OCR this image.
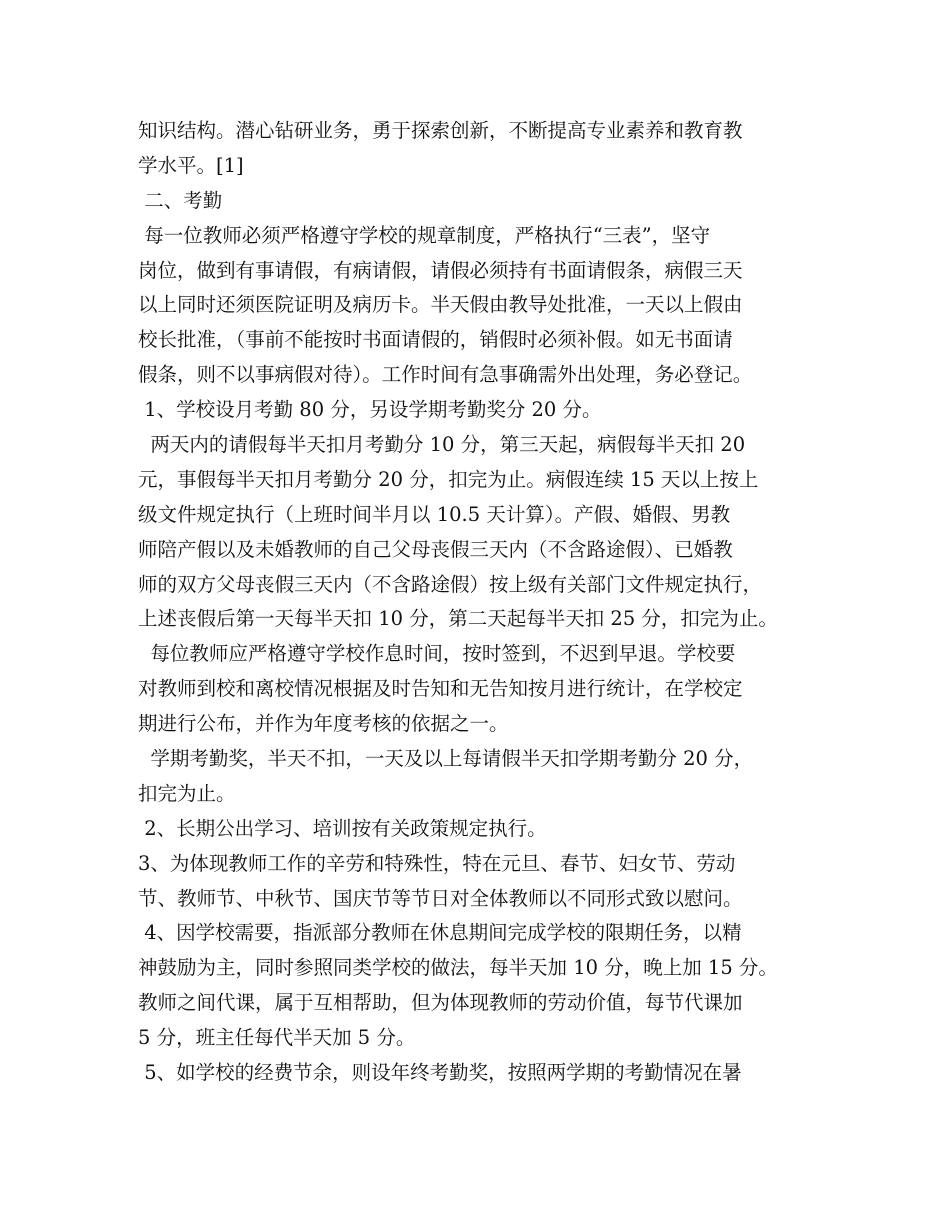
知识结构。潜心钻研业务，勇于探索创新，不断提高专业素养和教育教
学水平。[1]
二、考勤
每一位教师必须严格遵守学校的规章制度，严格执行“三表”，坚守
岗位，做到有事请假，有病请假，请假必须持有书面请假条，病假三天
以上同时还须医院证明及病历卡。半天假由教导处批准，一天以上假由
校长批准，（事前不能按时书面请假的，销假时必须补假。如无书面请
假条，则不以事病假对待）。工作时间有急事确需外出处理，务必登记。
1、学校设月考勤 80 分，另设学期考勤奖分 20 分。
两天内的请假每半天扣月考勤分 10 分，第三天起，病假每半天扣 20
元，事假每半天扣月考勤分 20 分，扣完为止。病假连续 15 天以上按上
级文件规定执行（上班时间半月以 10.5 天计算）。产假、婚假、男教
师陪产假以及未婚教师的自己父母丧假三天内（不含路途假）、已婚教
师的双方父母丧假三天内（不含路途假）按上级有关部门文件规定执行，
上述丧假后第一天每半天扣 10 分，第二天起每半天扣 25 分，扣完为止。
每位教师应严格遵守学校作息时间，按时签到，不迟到早退。学校要
对教师到校和离校情况根据及时告知和无告知按月进行统计，在学校定
期进行公布，并作为年度考核的依据之一。
学期考勤奖，半天不扣，一天及以上每请假半天扣学期考勤分 20 分，
扣完为止。
2、长期公出学习、培训按有关政策规定执行。
3、为体现教师工作的辛劳和特殊性，特在元旦、春节、妇女节、劳动
节、教师节、中秋节、国庆节等节日对全体教师以不同形式致以慰问。
4、因学校需要，指派部分教师在休息期间完成学校的限期任务，以精
神鼓励为主，同时参照同类学校的做法，每半天加 10 分，晚上加 15 分。
教师之间代课，属于互相帮助，但为体现教师的劳动价值，每节代课加
5 分，班主任每代半天加 5 分。
5、如学校的经费节余，则设年终考勤奖，按照两学期的考勤情况在暑
